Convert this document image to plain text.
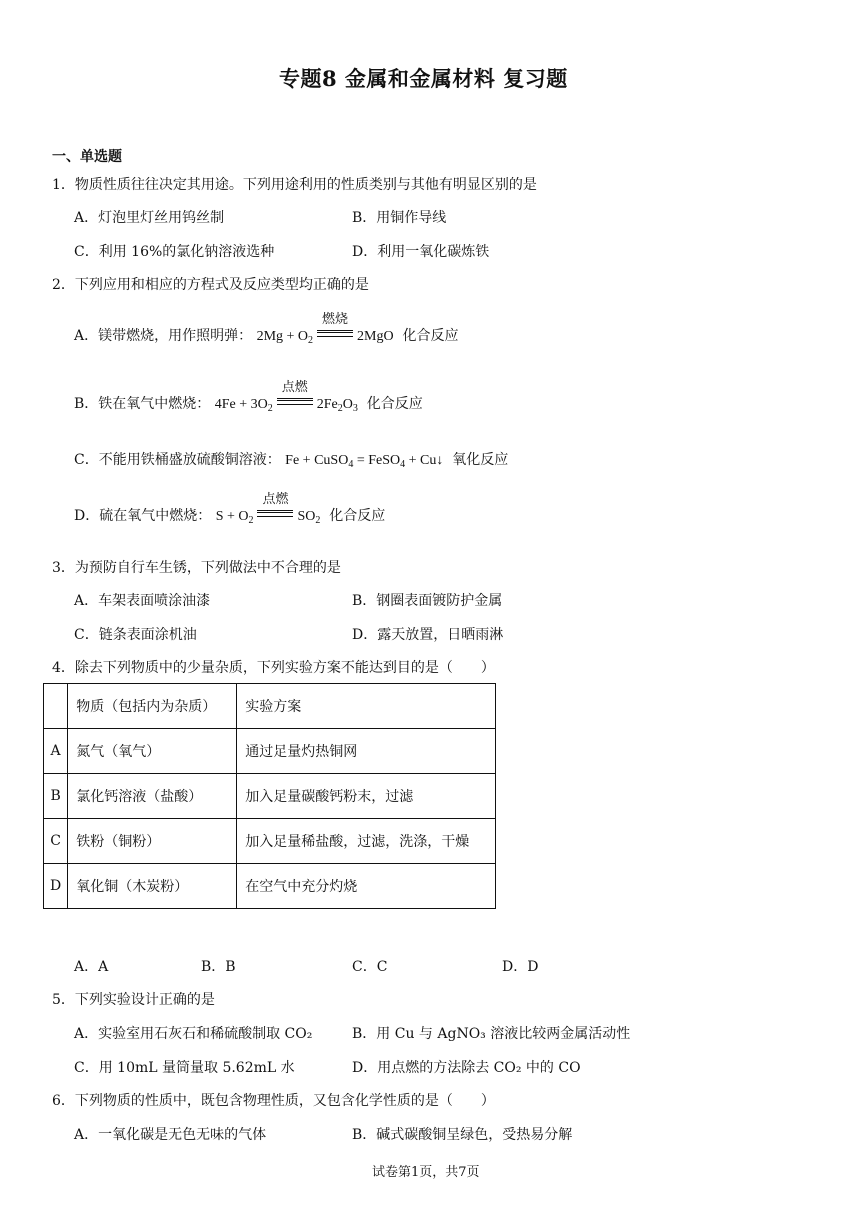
专题8 金属和金属材料 复习题
一、单选题
1．物质性质往往决定其用途。下列用途利用的性质类别与其他有明显区别的是
A．灯泡里灯丝用钨丝制	B．用铜作导线
C．利用 16%的氯化钠溶液选种	D．利用一氧化碳炼铁
2．下列应用和相应的方程式及反应类型均正确的是
A．镁带燃烧，用作照明弹： $2Mg + O_2$
燃烧
2MgO 化合反应
B．铁在氧气中燃烧： $4Fe + 3O_2$
点燃
$2Fe_2O_3$ 化合反应
C．不能用铁桶盛放硫酸铜溶液： Fe + CuSO$_4$ = FeSO$_4$ + Cu↓ 氧化反应
D．硫在氧气中燃烧： $S + O_2$
点燃
$SO_2$ 化合反应
3．为预防自行车生锈，下列做法中不合理的是
A．车架表面喷涂油漆	B．钢圈表面镀防护金属
C．链条表面涂机油	D．露天放置，日晒雨淋
4．除去下列物质中的少量杂质，下列实验方案不能达到目的是（　　）
	物质（包括内为杂质）	实验方案
A	氮气（氧气）	通过足量灼热铜网
B	氯化钙溶液（盐酸）	加入足量碳酸钙粉末，过滤
C	铁粉（铜粉）	加入足量稀盐酸，过滤，洗涤，干燥
D	氧化铜（木炭粉）	在空气中充分灼烧
A．A	B．B	C．C	D．D
5．下列实验设计正确的是
A．实验室用石灰石和稀硫酸制取 CO₂	B．用 Cu 与 AgNO₃ 溶液比较两金属活动性
C．用 10mL 量筒量取 5.62mL 水	D．用点燃的方法除去 CO₂ 中的 CO
6．下列物质的性质中，既包含物理性质，又包含化学性质的是（　　）
A．一氧化碳是无色无味的气体	B．碱式碳酸铜呈绿色，受热易分解
试卷第1页，共7页
